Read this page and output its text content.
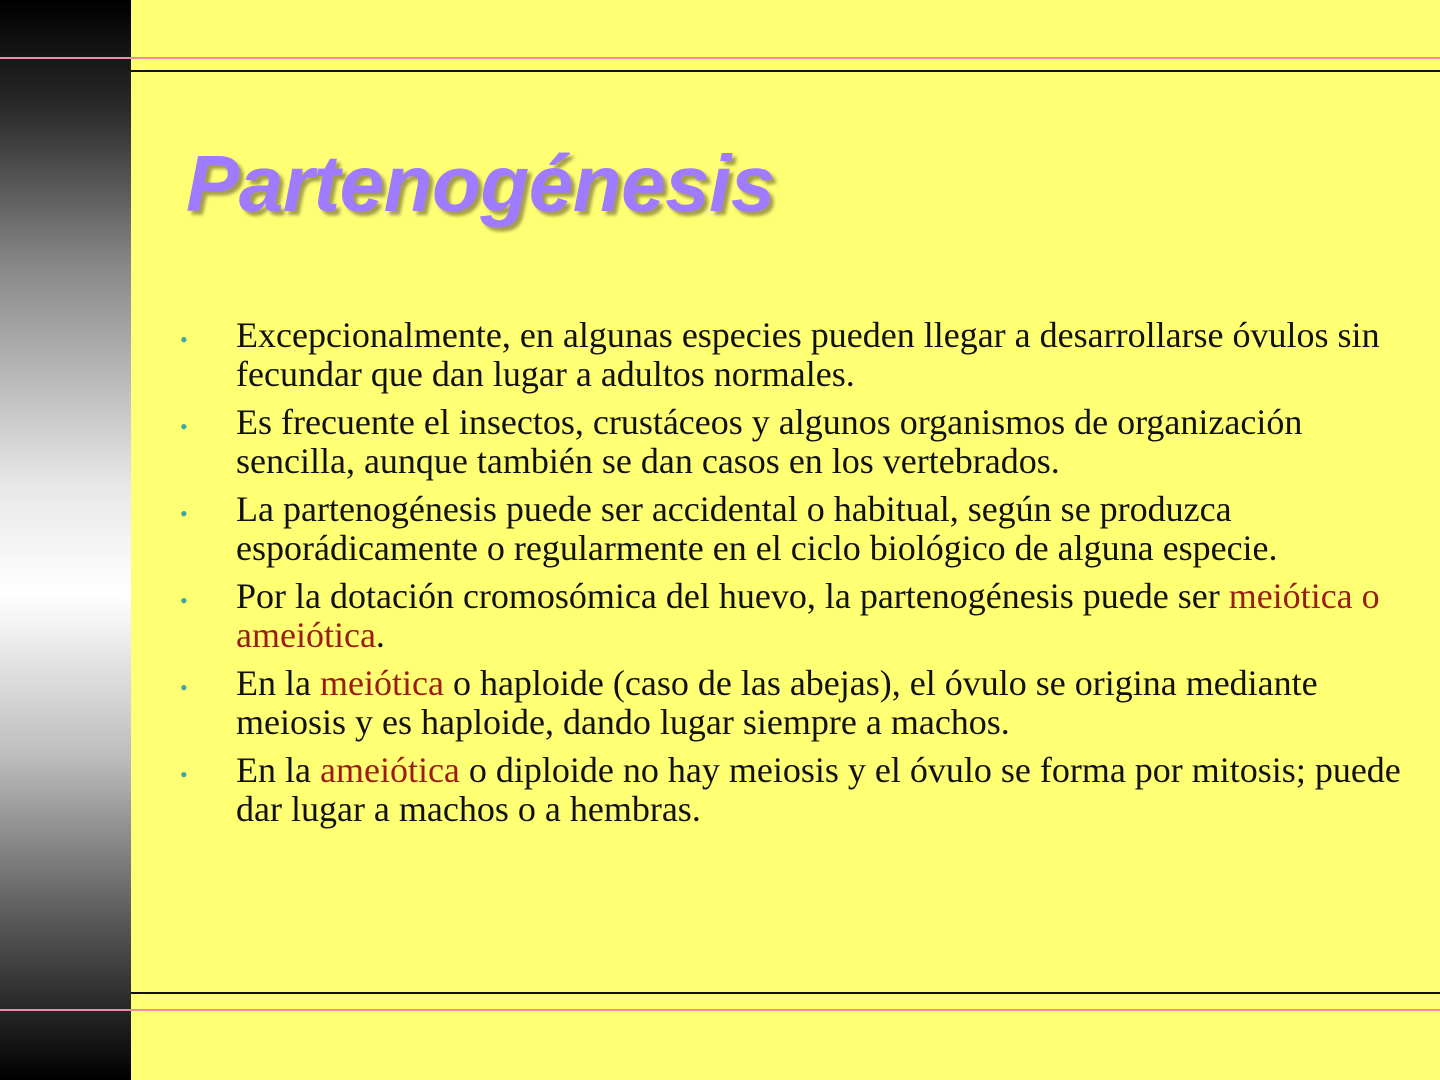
Partenogénesis
• Excepcionalmente, en algunas especies pueden llegar a desarrollarse óvulos sin fecundar que dan lugar a adultos normales.
• Es frecuente el insectos, crustáceos y algunos organismos de organización sencilla, aunque también se dan casos en los vertebrados.
• La partenogénesis puede ser accidental o habitual, según se produzca esporádicamente o regularmente en el ciclo biológico de alguna especie.
• Por la dotación cromosómica del huevo, la partenogénesis puede ser meiótica o ameiótica.
• En la meiótica o haploide (caso de las abejas), el óvulo se origina mediante meiosis y es haploide, dando lugar siempre a machos.
• En la ameiótica o diploide no hay meiosis y el óvulo se forma por mitosis; puede dar lugar a machos o a hembras.
